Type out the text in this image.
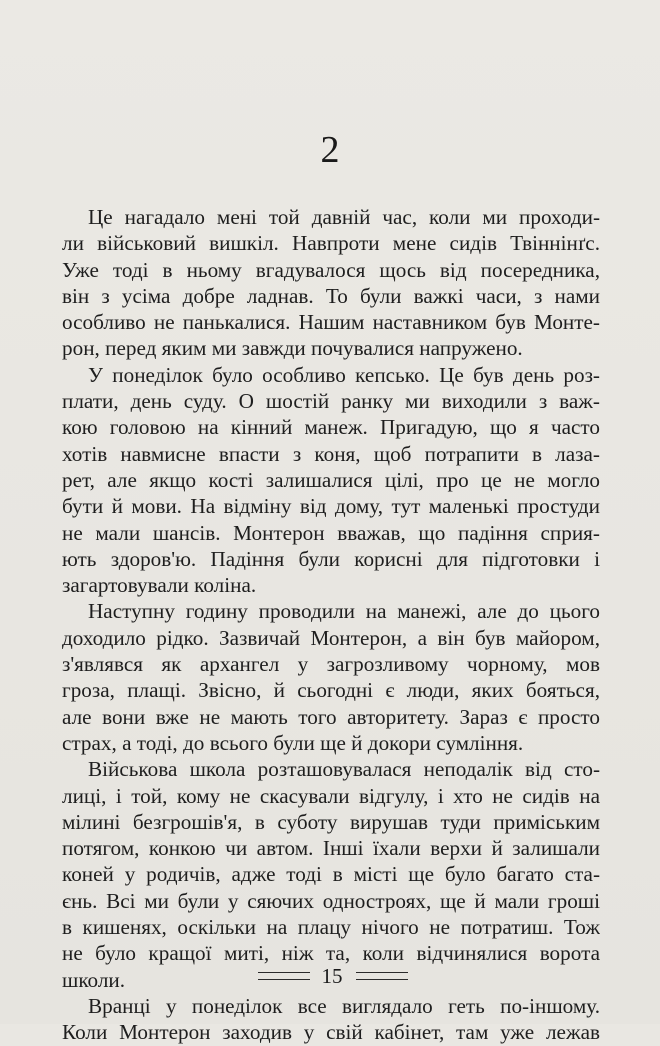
2

Це нагадало мені той давній час, коли ми проходи-
ли військовий вишкіл. Навпроти мене сидів Твіннінґс.
Уже тоді в ньому вгадувалося щось від посередника,
він з усіма добре ладнав. То були важкі часи, з нами
особливо не панькалися. Нашим наставником був Монте-
рон, перед яким ми завжди почувалися напружено.

У понеділок було особливо кепсько. Це був день роз-
плати, день суду. О шостій ранку ми виходили з важ-
кою головою на кінний манеж. Пригадую, що я часто
хотів навмисне впасти з коня, щоб потрапити в лаза-
рет, але якщо кості залишалися цілі, про це не могло
бути й мови. На відміну від дому, тут маленькі простуди
не мали шансів. Монтерон вважав, що падіння сприя-
ють здоров'ю. Падіння були корисні для підготовки і
загартовували коліна.

Наступну годину проводили на манежі, але до цього
доходило рідко. Зазвичай Монтерон, а він був майором,
з'являвся як архангел у загрозливому чорному, мов
гроза, плащі. Звісно, й сьогодні є люди, яких бояться,
але вони вже не мають того авторитету. Зараз є просто
страх, а тоді, до всього були ще й докори сумління.

Військова школа розташовувалася неподалік від сто-
лиці, і той, кому не скасували відгулу, і хто не сидів на
мілині безгрошів'я, в суботу вирушав туди приміським
потягом, конкою чи автом. Інші їхали верхи й залишали
коней у родичів, адже тоді в місті ще було багато ста-
єнь. Всі ми були у сяючих одностроях, ще й мали гроші
в кишенях, оскільки на плацу нічого не потратиш. Тож
не було кращої миті, ніж та, коли відчинялися ворота
школи.

Вранці у понеділок все виглядало геть по-іншому.
Коли Монтерон заходив у свій кабінет, там уже лежав

15
